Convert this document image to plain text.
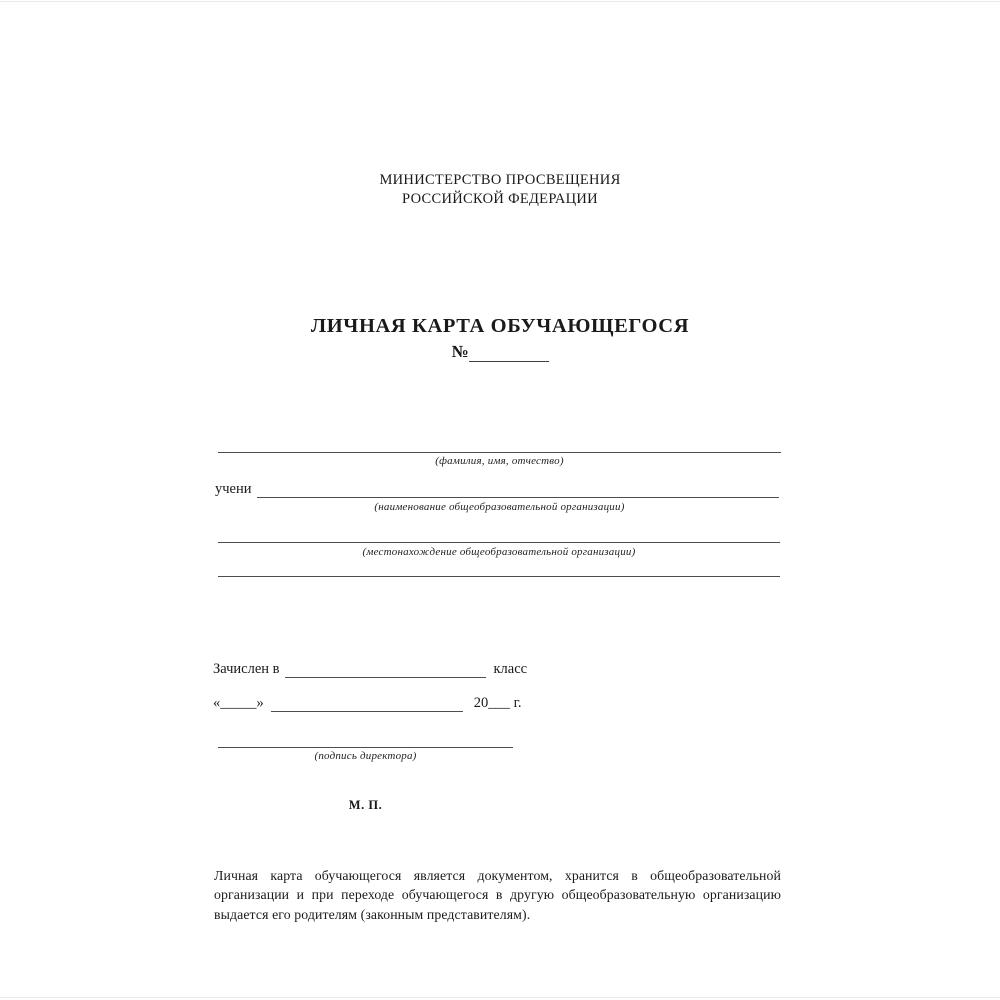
МИНИСТЕРСТВО ПРОСВЕЩЕНИЯ
РОССИЙСКОЙ ФЕДЕРАЦИИ
ЛИЧНАЯ КАРТА ОБУЧАЮЩЕГОСЯ
№
(фамилия, имя, отчество)
учени
(наименование общеобразовательной организации)
(местонахождение общеобразовательной организации)
Зачислен в	класс
«_____»	20___ г.
(подпись директора)
М. П.
Личная карта обучающегося является документом, хранится в общеобразовательной организации и при переходе обучающегося в другую общеобразовательную организацию выдается его родителям (законным представителям).
